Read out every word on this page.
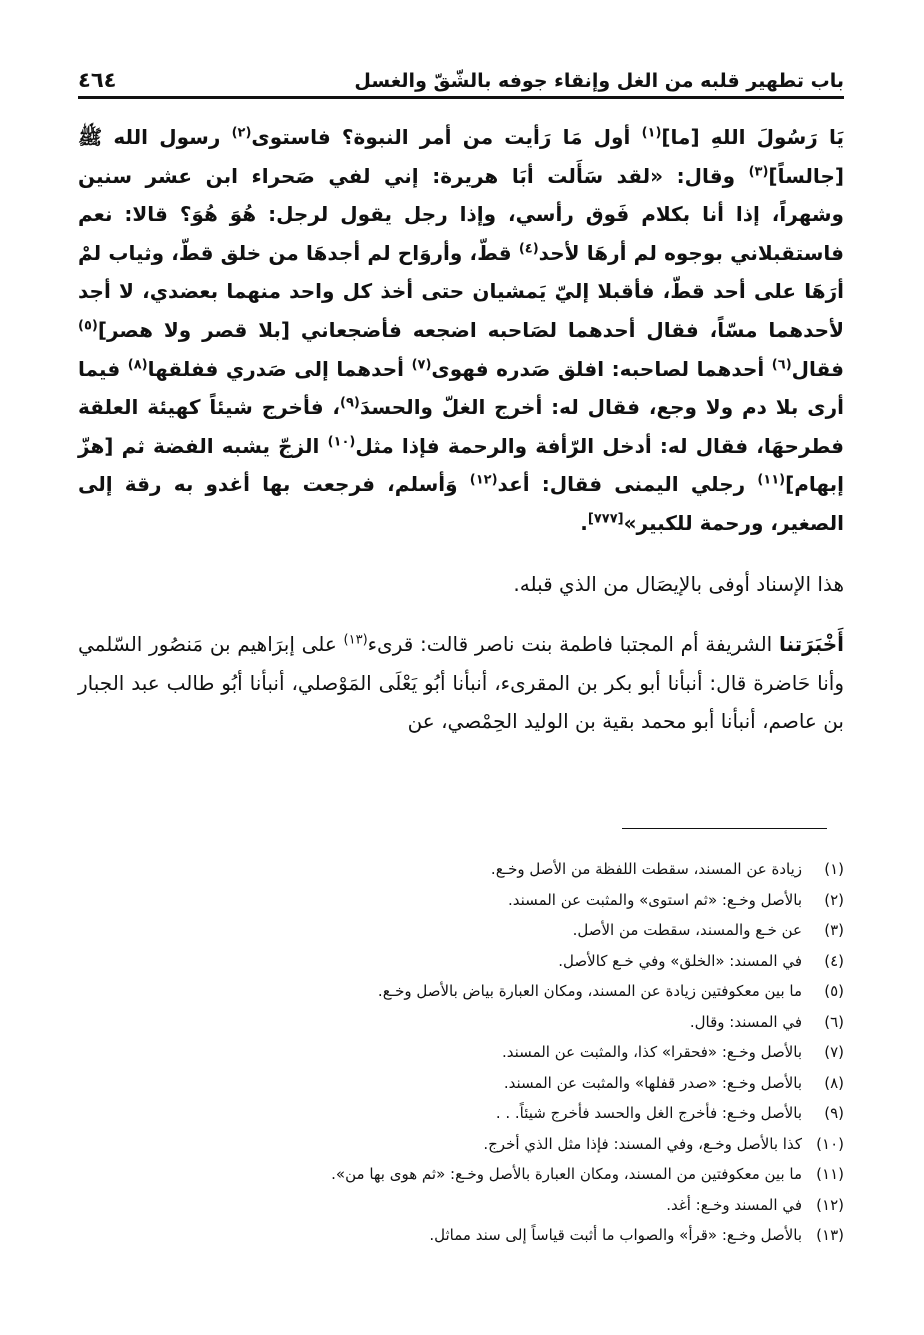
باب تطهير قلبه من الغل وإنقاء جوفه بالشّقّ والغسل
٤٦٤

يَا رَسُولَ اللهِ [ما]$^{(١)}$ أول مَا رَأيت من أمر النبوة؟ فاستوى$^{(٢)}$ رسول الله ﷺ [جالساً]$^{(٣)}$ وقال: «لقد سَأَلت أبَا هريرة: إني لفي صَحراء ابن عشر سنين وشهراً، إذا أنا بكلام فَوق رأسي، وإذا رجل يقول لرجل: هُوَ هُوَ؟ قالا: نعم فاستقبلاني بوجوه لم أرهَا لأحد$^{(٤)}$ قطّ، وأروَاح لم أجدهَا من خلق قطّ، وثياب لمْ أرَهَا على أحد قطّ، فأقبلا إليّ يَمشيان حتى أخذ كل واحد منهما بعضدي، لا أجد لأحدهما مسّاً، فقال أحدهما لصَاحبه اضجعه فأضجعاني [بلا قصر ولا هصر]$^{(٥)}$ فقال$^{(٦)}$ أحدهما لصاحبه: افلق صَدره فهوى$^{(٧)}$ أحدهما إلى صَدري ففلقها$^{(٨)}$ فيما أرى بلا دم ولا وجع، فقال له: أخرج الغلّ والحسدَ$^{(٩)}$، فأخرج شيئاً كهيئة العلقة فطرحهَا، فقال له: أدخل الرّأفة والرحمة فإذا مثل$^{(١٠)}$ الزجّ يشبه الفضة ثم [هزّ إبهام]$^{(١١)}$ رجلي اليمنى فقال: أعد$^{(١٢)}$ وَأسلم، فرجعت بها أغدو به رقة إلى الصغير، ورحمة للكبير»[٧٧٧].

هذا الإسناد أوفى بالإيصَال من الذي قبله.

أَخْبَرَتنا الشريفة أم المجتبا فاطمة بنت ناصر قالت: قرىء$^{(١٣)}$ على إبرَاهيم بن مَنصُور السّلمي وأنا حَاضرة قال: أنبأنا أبو بكر بن المقرىء، أنبأنا أبُو يَعْلَى المَوْصلي، أنبأنا أبُو طالب عبد الجبار بن عاصم، أنبأنا أبو محمد بقية بن الوليد الحِمْصي، عن

(١)
زيادة عن المسند، سقطت اللفظة من الأصل وخـع.
(٢)
بالأصل وخـع: «ثم استوى» والمثبت عن المسند.
(٣)
عن خـع والمسند، سقطت من الأصل.
(٤)
في المسند: «الخلق» وفي خـع كالأصل.
(٥)
ما بين معكوفتين زيادة عن المسند، ومكان العبارة بياض بالأصل وخـع.
(٦)
في المسند: وقال.
(٧)
بالأصل وخـع: «فحقرا» كذا، والمثبت عن المسند.
(٨)
بالأصل وخـع: «صدر قفلها» والمثبت عن المسند.
(٩)
بالأصل وخـع: فأخرج الغل والحسد فأخرج شيئاً. . .
(١٠)
كذا بالأصل وخـع، وفي المسند: فإذا مثل الذي أخرج.
(١١)
ما بين معكوفتين من المسند، ومكان العبارة بالأصل وخـع: «ثم هوى بها من».
(١٢)
في المسند وخـع: أغد.
(١٣)
بالأصل وخـع: «قرأ» والصواب ما أثبت قياساً إلى سند مماثل.
